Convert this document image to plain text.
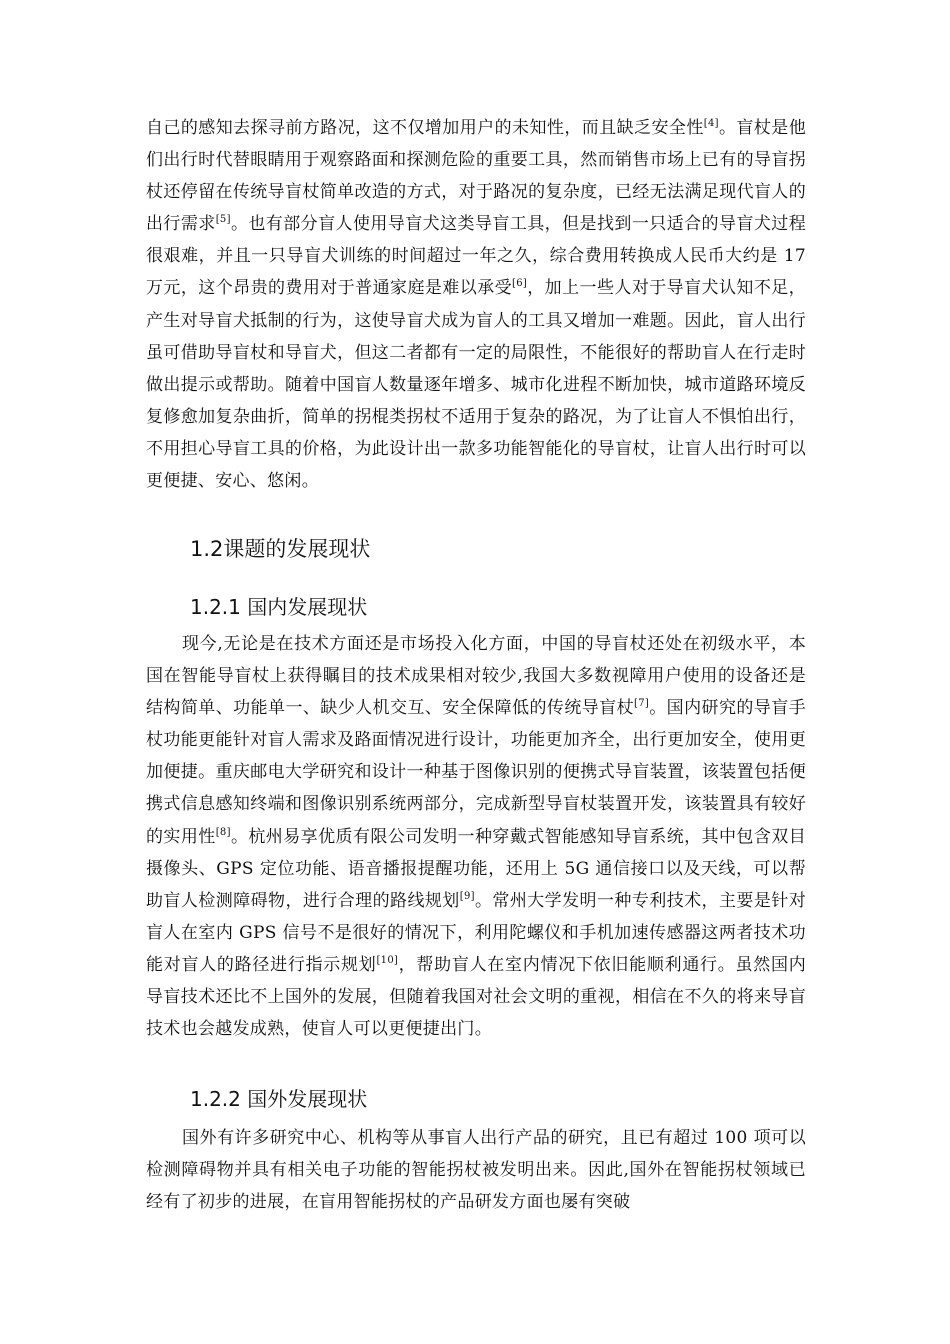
自己的感知去探寻前方路况，这不仅增加用户的未知性，而且缺乏安全性[4]。盲杖是他们出行时代替眼睛用于观察路面和探测危险的重要工具，然而销售市场上已有的导盲拐杖还停留在传统导盲杖简单改造的方式，对于路况的复杂度，已经无法满足现代盲人的出行需求[5]。也有部分盲人使用导盲犬这类导盲工具，但是找到一只适合的导盲犬过程很艰难，并且一只导盲犬训练的时间超过一年之久，综合费用转换成人民币大约是 17 万元，这个昂贵的费用对于普通家庭是难以承受[6]，加上一些人对于导盲犬认知不足，产生对导盲犬抵制的行为，这使导盲犬成为盲人的工具又增加一难题。因此，盲人出行虽可借助导盲杖和导盲犬，但这二者都有一定的局限性，不能很好的帮助盲人在行走时做出提示或帮助。随着中国盲人数量逐年增多、城市化进程不断加快，城市道路环境反复修愈加复杂曲折，简单的拐棍类拐杖不适用于复杂的路况，为了让盲人不惧怕出行，不用担心导盲工具的价格，为此设计出一款多功能智能化的导盲杖，让盲人出行时可以更便捷、安心、悠闲。
1.2课题的发展现状
1.2.1 国内发展现状
现今,无论是在技术方面还是市场投入化方面，中国的导盲杖还处在初级水平，本国在智能导盲杖上获得瞩目的技术成果相对较少,我国大多数视障用户使用的设备还是结构简单、功能单一、缺少人机交互、安全保障低的传统导盲杖[7]。国内研究的导盲手杖功能更能针对盲人需求及路面情况进行设计，功能更加齐全，出行更加安全，使用更加便捷。重庆邮电大学研究和设计一种基于图像识别的便携式导盲装置，该装置包括便携式信息感知终端和图像识别系统两部分，完成新型导盲杖装置开发，该装置具有较好的实用性[8]。杭州易享优质有限公司发明一种穿戴式智能感知导盲系统，其中包含双目摄像头、GPS 定位功能、语音播报提醒功能，还用上 5G 通信接口以及天线，可以帮助盲人检测障碍物，进行合理的路线规划[9]。常州大学发明一种专利技术，主要是针对盲人在室内 GPS 信号不是很好的情况下，利用陀螺仪和手机加速传感器这两者技术功能对盲人的路径进行指示规划[10]，帮助盲人在室内情况下依旧能顺利通行。虽然国内导盲技术还比不上国外的发展，但随着我国对社会文明的重视，相信在不久的将来导盲技术也会越发成熟，使盲人可以更便捷出门。
1.2.2 国外发展现状
国外有许多研究中心、机构等从事盲人出行产品的研究，且已有超过 100 项可以检测障碍物并具有相关电子功能的智能拐杖被发明出来。因此,国外在智能拐杖领域已经有了初步的进展，在盲用智能拐杖的产品研发方面也屡有突破
